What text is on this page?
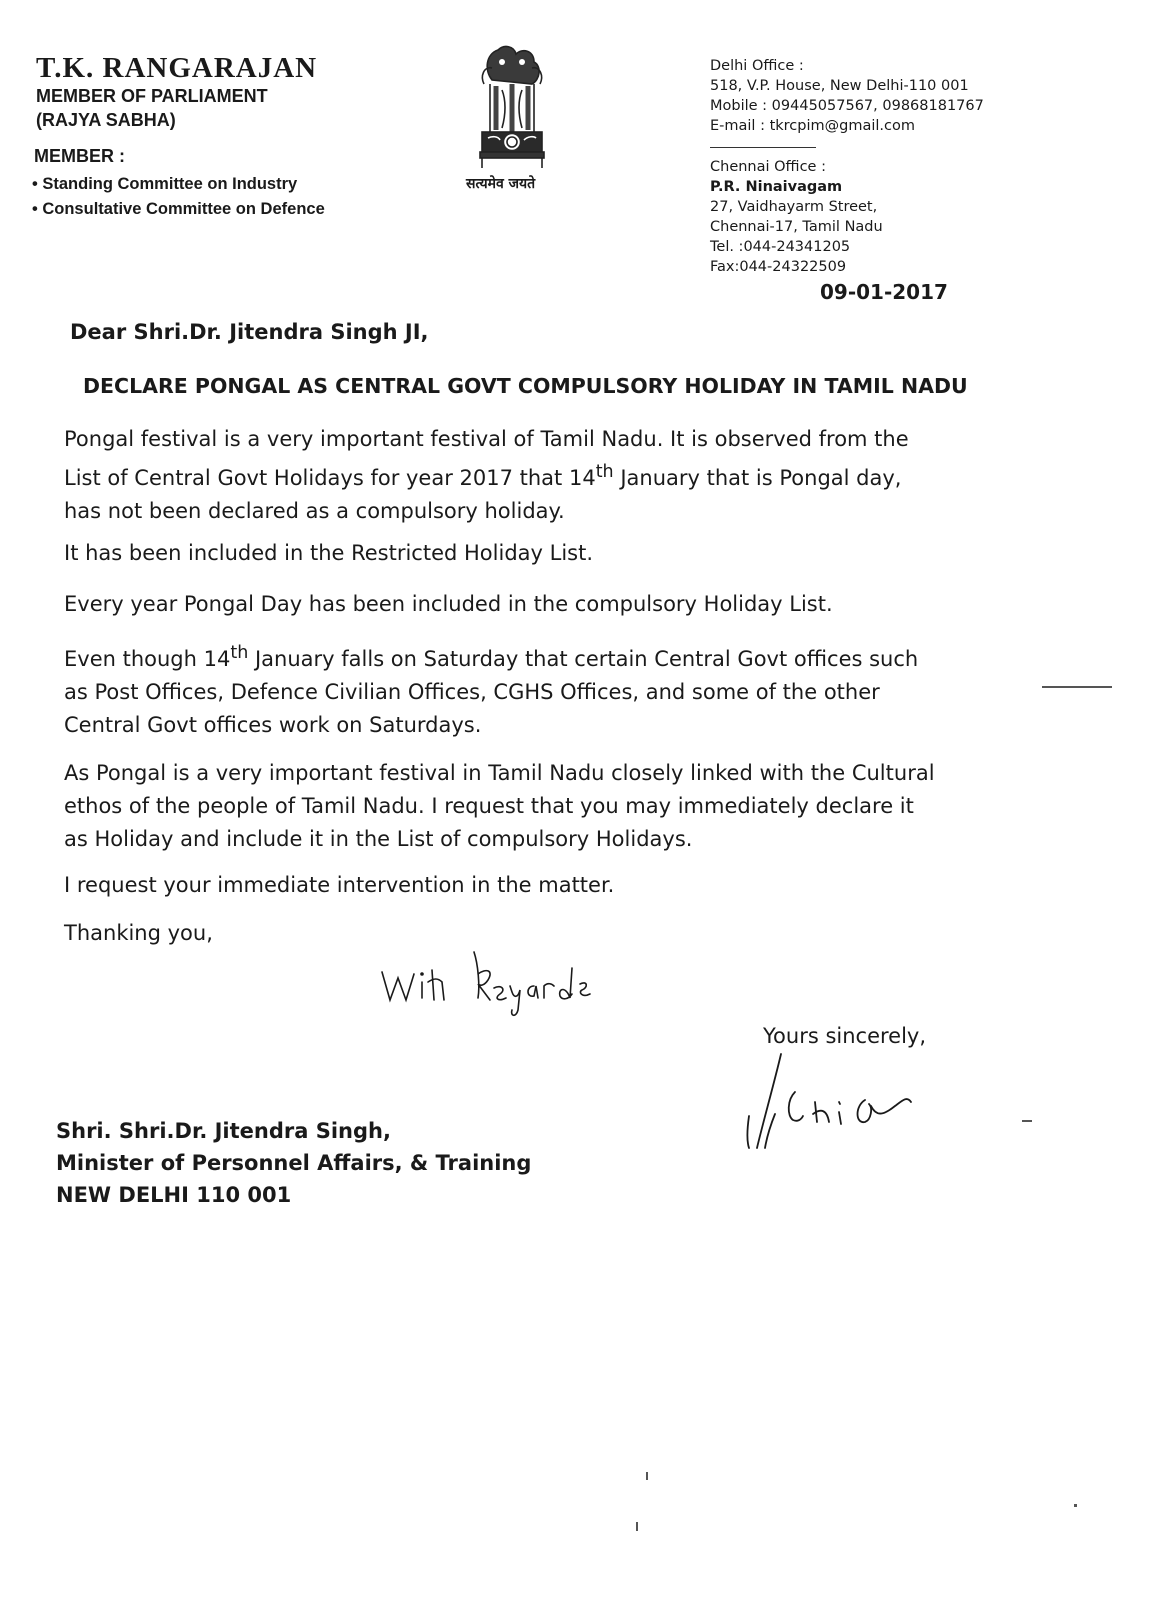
T.K. RANGARAJAN
MEMBER OF PARLIAMENT
(RAJYA SABHA)
MEMBER :
• Standing Committee on Industry
• Consultative Committee on Defence
सत्यमेव जयते
Delhi Office :
518, V.P. House, New Delhi-110 001
Mobile : 09445057567, 09868181767
E-mail : tkrcpim@gmail.com
Chennai Office :
P.R. Ninaivagam
27, Vaidhayarm Street,
Chennai-17, Tamil Nadu
Tel. :044-24341205
Fax:044-24322509
09-01-2017
Dear Shri.Dr. Jitendra Singh JI,
DECLARE PONGAL AS CENTRAL GOVT COMPULSORY HOLIDAY IN TAMIL NADU
Pongal festival is a very important festival of Tamil Nadu. It is observed from the List of Central Govt Holidays for year 2017 that 14th January that is Pongal day, has not been declared as a compulsory holiday.
It has been included in the Restricted Holiday List.
Every year Pongal Day has been included in the compulsory Holiday List.
Even though 14th January falls on Saturday that certain Central Govt offices such as Post Offices, Defence Civilian Offices, CGHS Offices, and some of the other Central Govt offices work on Saturdays.
As Pongal is a very important festival in Tamil Nadu closely linked with the Cultural ethos of the people of Tamil Nadu. I request that you may immediately declare it as Holiday and include it in the List of compulsory Holidays.
I request your immediate intervention in the matter.
Thanking you,
Yours sincerely,
Shri. Shri.Dr. Jitendra Singh,
Minister of Personnel Affairs, & Training
NEW DELHI 110 001
